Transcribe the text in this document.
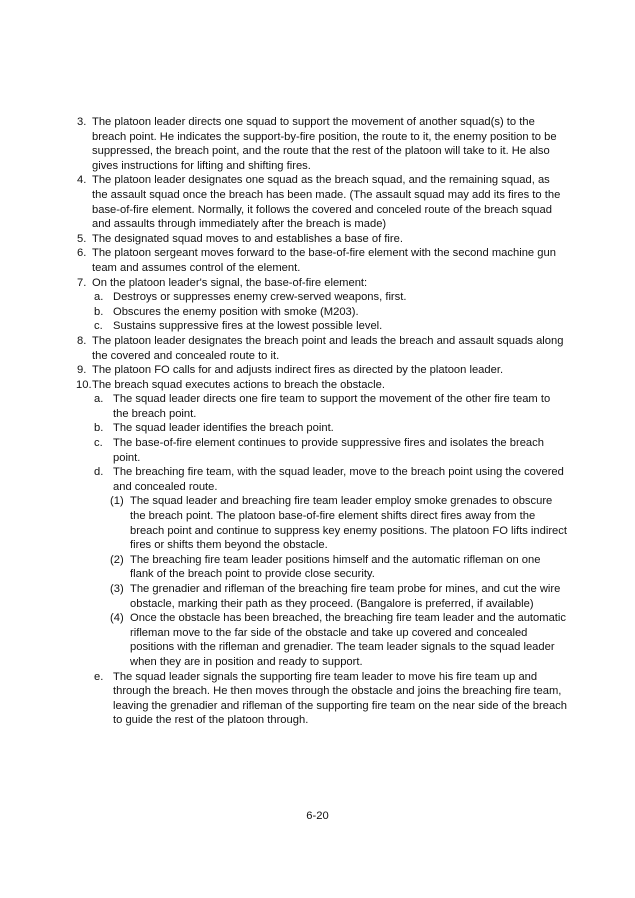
3. The platoon leader directs one squad to support the movement of another squad(s) to the breach point. He indicates the support-by-fire position, the route to it, the enemy position to be suppressed, the breach point, and the route that the rest of the platoon will take to it. He also gives instructions for lifting and shifting fires.
4. The platoon leader designates one squad as the breach squad, and the remaining squad, as the assault squad once the breach has been made. (The assault squad may add its fires to the base-of-fire element. Normally, it follows the covered and conceled route of the breach squad and assaults through immediately after the breach is made)
5. The designated squad moves to and establishes a base of fire.
6. The platoon sergeant moves forward to the base-of-fire element with the second machine gun team and assumes control of the element.
7. On the platoon leader's signal, the base-of-fire element:
a. Destroys or suppresses enemy crew-served weapons, first.
b. Obscures the enemy position with smoke (M203).
c. Sustains suppressive fires at the lowest possible level.
8. The platoon leader designates the breach point and leads the breach and assault squads along the covered and concealed route to it.
9. The platoon FO calls for and adjusts indirect fires as directed by the platoon leader.
10. The breach squad executes actions to breach the obstacle.
a. The squad leader directs one fire team to support the movement of the other fire team to the breach point.
b. The squad leader identifies the breach point.
c. The base-of-fire element continues to provide suppressive fires and isolates the breach point.
d. The breaching fire team, with the squad leader, move to the breach point using the covered and concealed route.
(1) The squad leader and breaching fire team leader employ smoke grenades to obscure the breach point. The platoon base-of-fire element shifts direct fires away from the breach point and continue to suppress key enemy positions. The platoon FO lifts indirect fires or shifts them beyond the obstacle.
(2) The breaching fire team leader positions himself and the automatic rifleman on one flank of the breach point to provide close security.
(3) The grenadier and rifleman of the breaching fire team probe for mines, and cut the wire obstacle, marking their path as they proceed. (Bangalore is preferred, if available)
(4) Once the obstacle has been breached, the breaching fire team leader and the automatic rifleman move to the far side of the obstacle and take up covered and concealed positions with the rifleman and grenadier. The team leader signals to the squad leader when they are in position and ready to support.
e. The squad leader signals the supporting fire team leader to move his fire team up and through the breach. He then moves through the obstacle and joins the breaching fire team, leaving the grenadier and rifleman of the supporting fire team on the near side of the breach to guide the rest of the platoon through.
6-20
